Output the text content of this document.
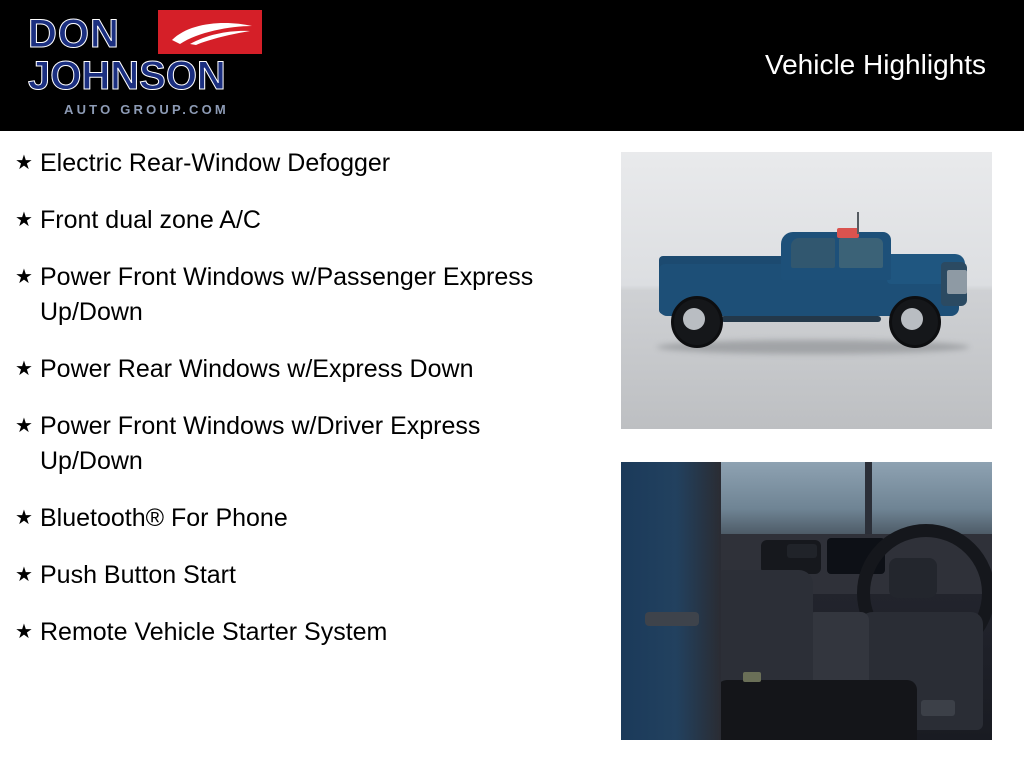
DON
JOHNSON
AUTO GROUP.COM
Vehicle Highlights
★ Electric Rear-Window Defogger
★ Front dual zone A/C
★ Power Front Windows w/Passenger Express Up/Down
★ Power Rear Windows w/Express Down
★ Power Front Windows w/Driver Express Up/Down
★ Bluetooth® For Phone
★ Push Button Start
★ Remote Vehicle Starter System
